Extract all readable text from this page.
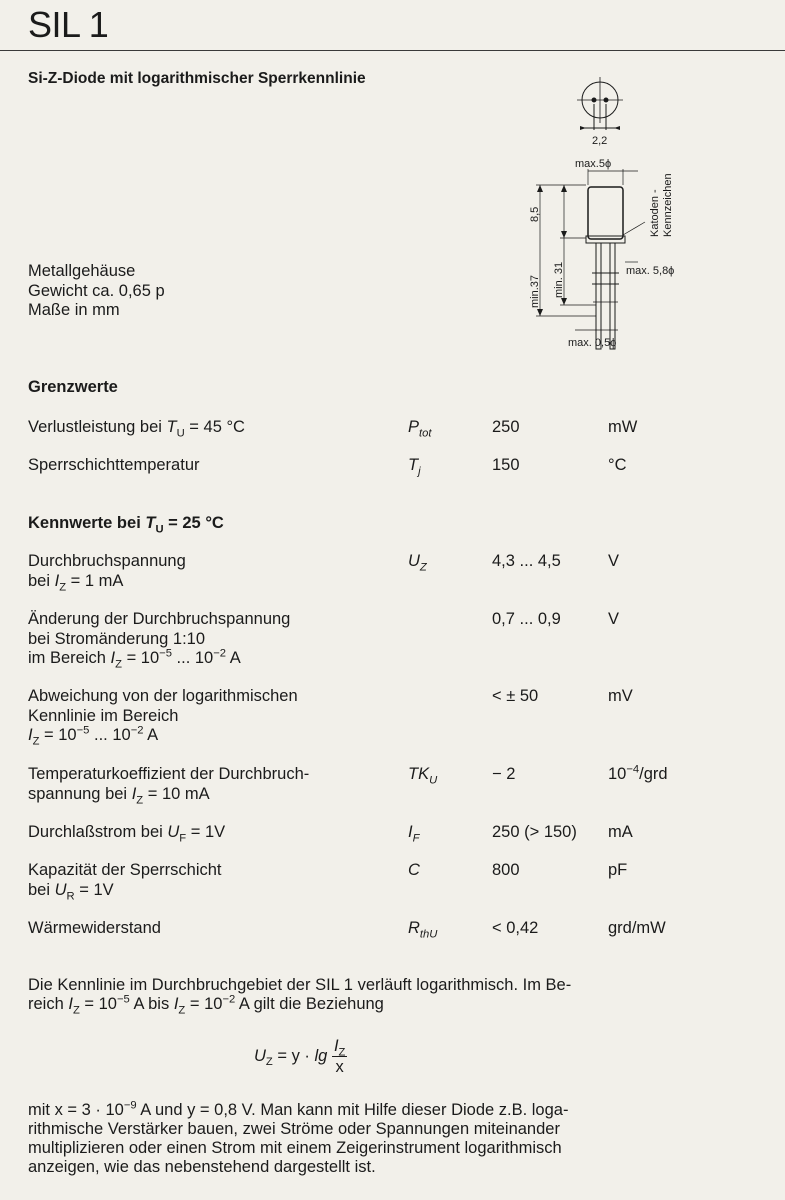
SIL 1
Si-Z-Diode mit logarithmischer Sperrkennlinie
2,2
max.5ϕ
8,5
min.37 min. 31	max. 5,8ϕ
max. 0,5ϕ
Katoden - Kennzeichen
Metallgehäuse
Gewicht ca. 0,65 p
Maße in mm
Grenzwerte
Verlustleistung bei $T_U = 45$ °C	$P_{tot}$	250	mW
Sperrschichttemperatur	$T_j$	150	°C
Kennwerte bei $T_U = 25$ °C
Durchbruchspannung
bei $I_Z = 1$ mA
$U_Z$	4,3 ... 4,5	V
Änderung der Durchbruchspannung
bei Stromänderung 1:10
im Bereich $I_Z = 10^{-5}$ ... $10^{-2}$ A
0,7 ... 0,9	V
Abweichung von der logarithmischen
Kennlinie im Bereich
$I_Z = 10^{-5}$ ... $10^{-2}$ A
< ± 50	mV
Temperaturkoeffizient der Durchbruch-
spannung bei $I_Z = 10$ mA
$TK_U$	− 2	$10^{-4}$/grd
Durchlaßstrom bei $U_F = 1V$	$I_F$	250 (> 150) mA
Kapazität der Sperrschicht
bei $U_R = 1V$
C	800	pF
Wärmewiderstand	$R_{thU}$	< 0,42	grd/mW
Die Kennlinie im Durchbruchgebiet der SIL 1 verläuft logarithmisch. Im Be-
reich $I_Z = 10^{-5}$ A bis $I_Z = 10^{-2}$ A gilt die Beziehung
$U_Z = y \cdot \lg \frac{I_Z}{x}$
mit $x = 3 \cdot 10^{-9}$ A und y = 0,8 V. Man kann mit Hilfe dieser Diode z.B. loga-
rithmische Verstärker bauen, zwei Ströme oder Spannungen miteinander
multiplizieren oder einen Strom mit einem Zeigerinstrument logarithmisch
anzeigen, wie das nebenstehend dargestellt ist.
